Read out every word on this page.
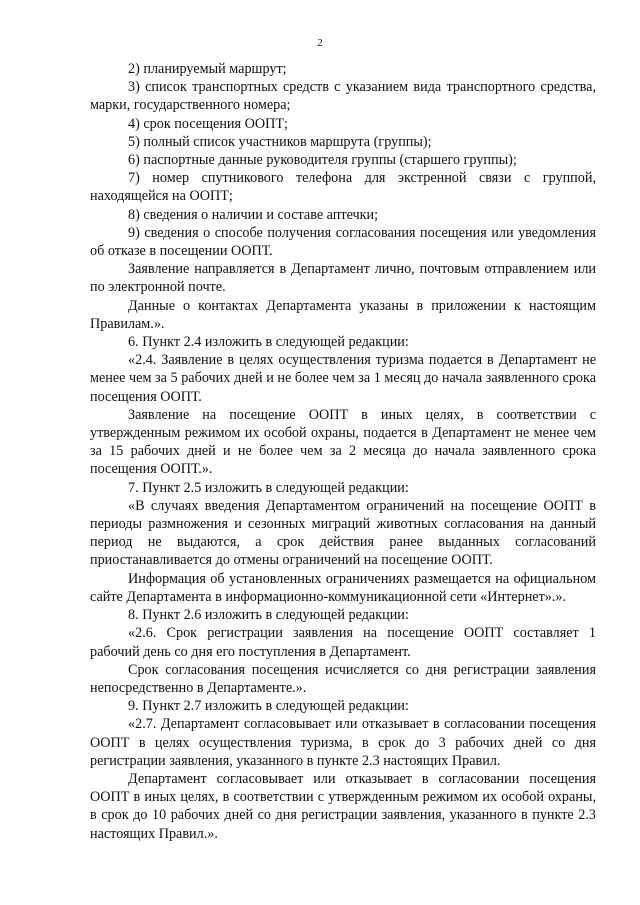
2

2) планируемый маршрут;

3) список транспортных средств с указанием вида транспортного средства, марки, государственного номера;

4) срок посещения ООПТ;

5) полный список участников маршрута (группы);

6) паспортные данные руководителя группы (старшего группы);

7) номер спутникового телефона для экстренной связи с группой, находящейся на ООПТ;

8) сведения о наличии и составе аптечки;

9) сведения о способе получения согласования посещения или уведомления об отказе в посещении ООПТ.

Заявление направляется в Департамент лично, почтовым отправлением или по электронной почте.

Данные о контактах Департамента указаны в приложении к настоящим Правилам.».

6. Пункт 2.4 изложить в следующей редакции:

«2.4. Заявление в целях осуществления туризма подается в Департамент не менее чем за 5 рабочих дней и не более чем за 1 месяц до начала заявленного срока посещения ООПТ.

Заявление на посещение ООПТ в иных целях, в соответствии с утвержденным режимом их особой охраны, подается в Департамент не менее чем за 15 рабочих дней и не более чем за 2 месяца до начала заявленного срока посещения ООПТ.».

7. Пункт 2.5 изложить в следующей редакции:

«В случаях введения Департаментом ограничений на посещение ООПТ в периоды размножения и сезонных миграций животных согласования на данный период не выдаются, а срок действия ранее выданных согласований приостанавливается до отмены ограничений на посещение ООПТ.

Информация об установленных ограничениях размещается на официальном сайте Департамента в информационно-коммуникационной сети «Интернет».».

8. Пункт 2.6 изложить в следующей редакции:

«2.6. Срок регистрации заявления на посещение ООПТ составляет 1 рабочий день со дня его поступления в Департамент.

Срок согласования посещения исчисляется со дня регистрации заявления непосредственно в Департаменте.».

9. Пункт 2.7 изложить в следующей редакции:

«2.7. Департамент согласовывает или отказывает в согласовании посещения ООПТ в целях осуществления туризма, в срок до 3 рабочих дней со дня регистрации заявления, указанного в пункте 2.3 настоящих Правил.

Департамент согласовывает или отказывает в согласовании посещения ООПТ в иных целях, в соответствии с утвержденным режимом их особой охраны, в срок до 10 рабочих дней со дня регистрации заявления, указанного в пункте 2.3 настоящих Правил.».
